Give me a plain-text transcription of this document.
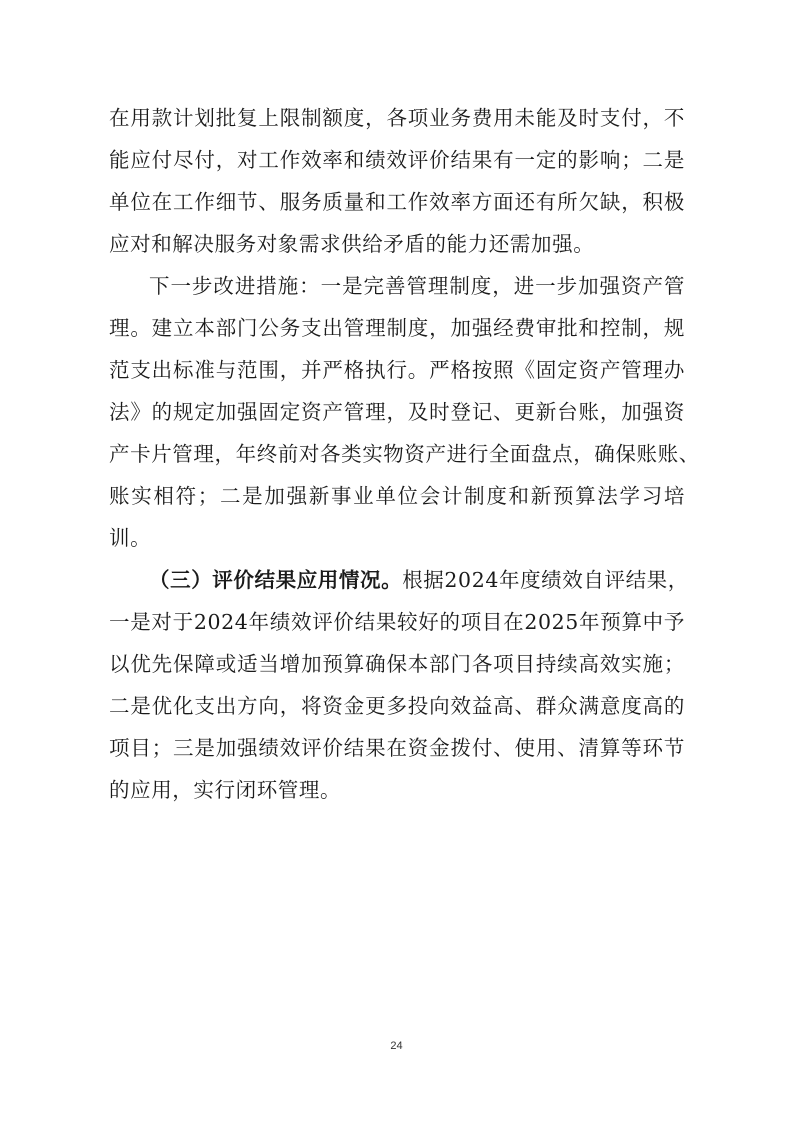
在用款计划批复上限制额度，各项业务费用未能及时支付，不
能应付尽付，对工作效率和绩效评价结果有一定的影响；二是
单位在工作细节、服务质量和工作效率方面还有所欠缺，积极
应对和解决服务对象需求供给矛盾的能力还需加强。
下一步改进措施：一是完善管理制度，进一步加强资产管
理。建立本部门公务支出管理制度，加强经费审批和控制，规
范支出标准与范围，并严格执行。严格按照《固定资产管理办
法》的规定加强固定资产管理，及时登记、更新台账，加强资
产卡片管理，年终前对各类实物资产进行全面盘点，确保账账、
账实相符；二是加强新事业单位会计制度和新预算法学习培
训。
（三）评价结果应用情况。根据2024年度绩效自评结果，
一是对于2024年绩效评价结果较好的项目在2025年预算中予
以优先保障或适当增加预算确保本部门各项目持续高效实施；
二是优化支出方向，将资金更多投向效益高、群众满意度高的
项目；三是加强绩效评价结果在资金拨付、使用、清算等环节
的应用，实行闭环管理。
24
